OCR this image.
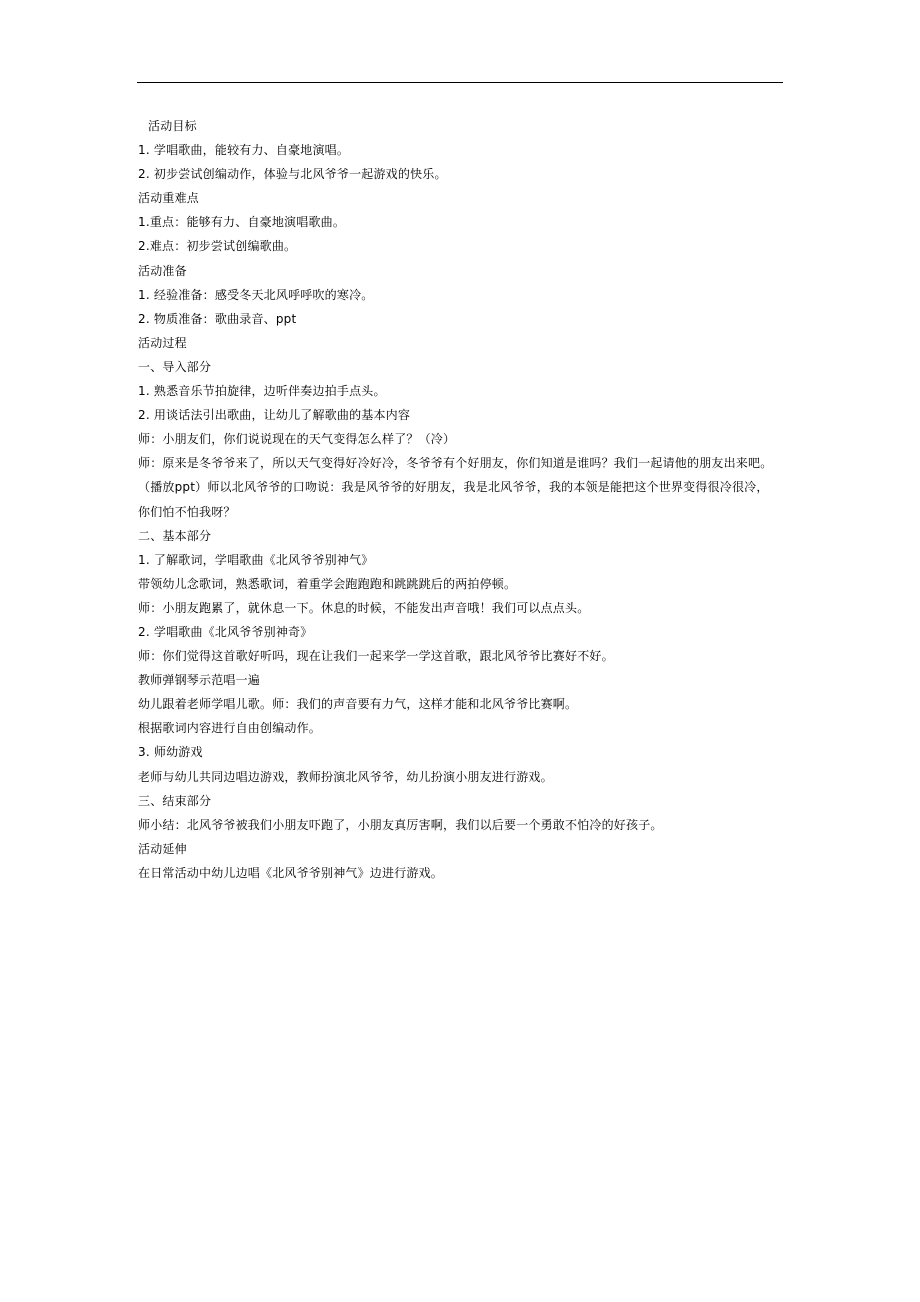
活动目标
1. 学唱歌曲，能较有力、自豪地演唱。
2. 初步尝试创编动作，体验与北风爷爷一起游戏的快乐。
活动重难点
1.重点：能够有力、自豪地演唱歌曲。
2.难点：初步尝试创编歌曲。
活动准备
1. 经验准备：感受冬天北风呼呼吹的寒冷。
2. 物质准备：歌曲录音、ppt
活动过程
一、导入部分
1. 熟悉音乐节拍旋律，边听伴奏边拍手点头。
2. 用谈话法引出歌曲，让幼儿了解歌曲的基本内容
师：小朋友们，你们说说现在的天气变得怎么样了？（冷）
师：原来是冬爷爷来了，所以天气变得好冷好冷，冬爷爷有个好朋友，你们知道是谁吗？我们一起请他的朋友出来吧。
（播放ppt）师以北风爷爷的口吻说：我是风爷爷的好朋友，我是北风爷爷，我的本领是能把这个世界变得很冷很冷，
你们怕不怕我呀？
二、基本部分
1. 了解歌词，学唱歌曲《北风爷爷别神气》
带领幼儿念歌词，熟悉歌词，着重学会跑跑跑和跳跳跳后的两拍停顿。
师：小朋友跑累了，就休息一下。休息的时候，不能发出声音哦！我们可以点点头。
2. 学唱歌曲《北风爷爷别神奇》
师：你们觉得这首歌好听吗，现在让我们一起来学一学这首歌，跟北风爷爷比赛好不好。
教师弹钢琴示范唱一遍
幼儿跟着老师学唱儿歌。师：我们的声音要有力气，这样才能和北风爷爷比赛啊。
根据歌词内容进行自由创编动作。
3. 师幼游戏
老师与幼儿共同边唱边游戏，教师扮演北风爷爷，幼儿扮演小朋友进行游戏。
三、结束部分
师小结：北风爷爷被我们小朋友吓跑了，小朋友真厉害啊，我们以后要一个勇敢不怕冷的好孩子。
活动延伸
在日常活动中幼儿边唱《北风爷爷别神气》边进行游戏。
